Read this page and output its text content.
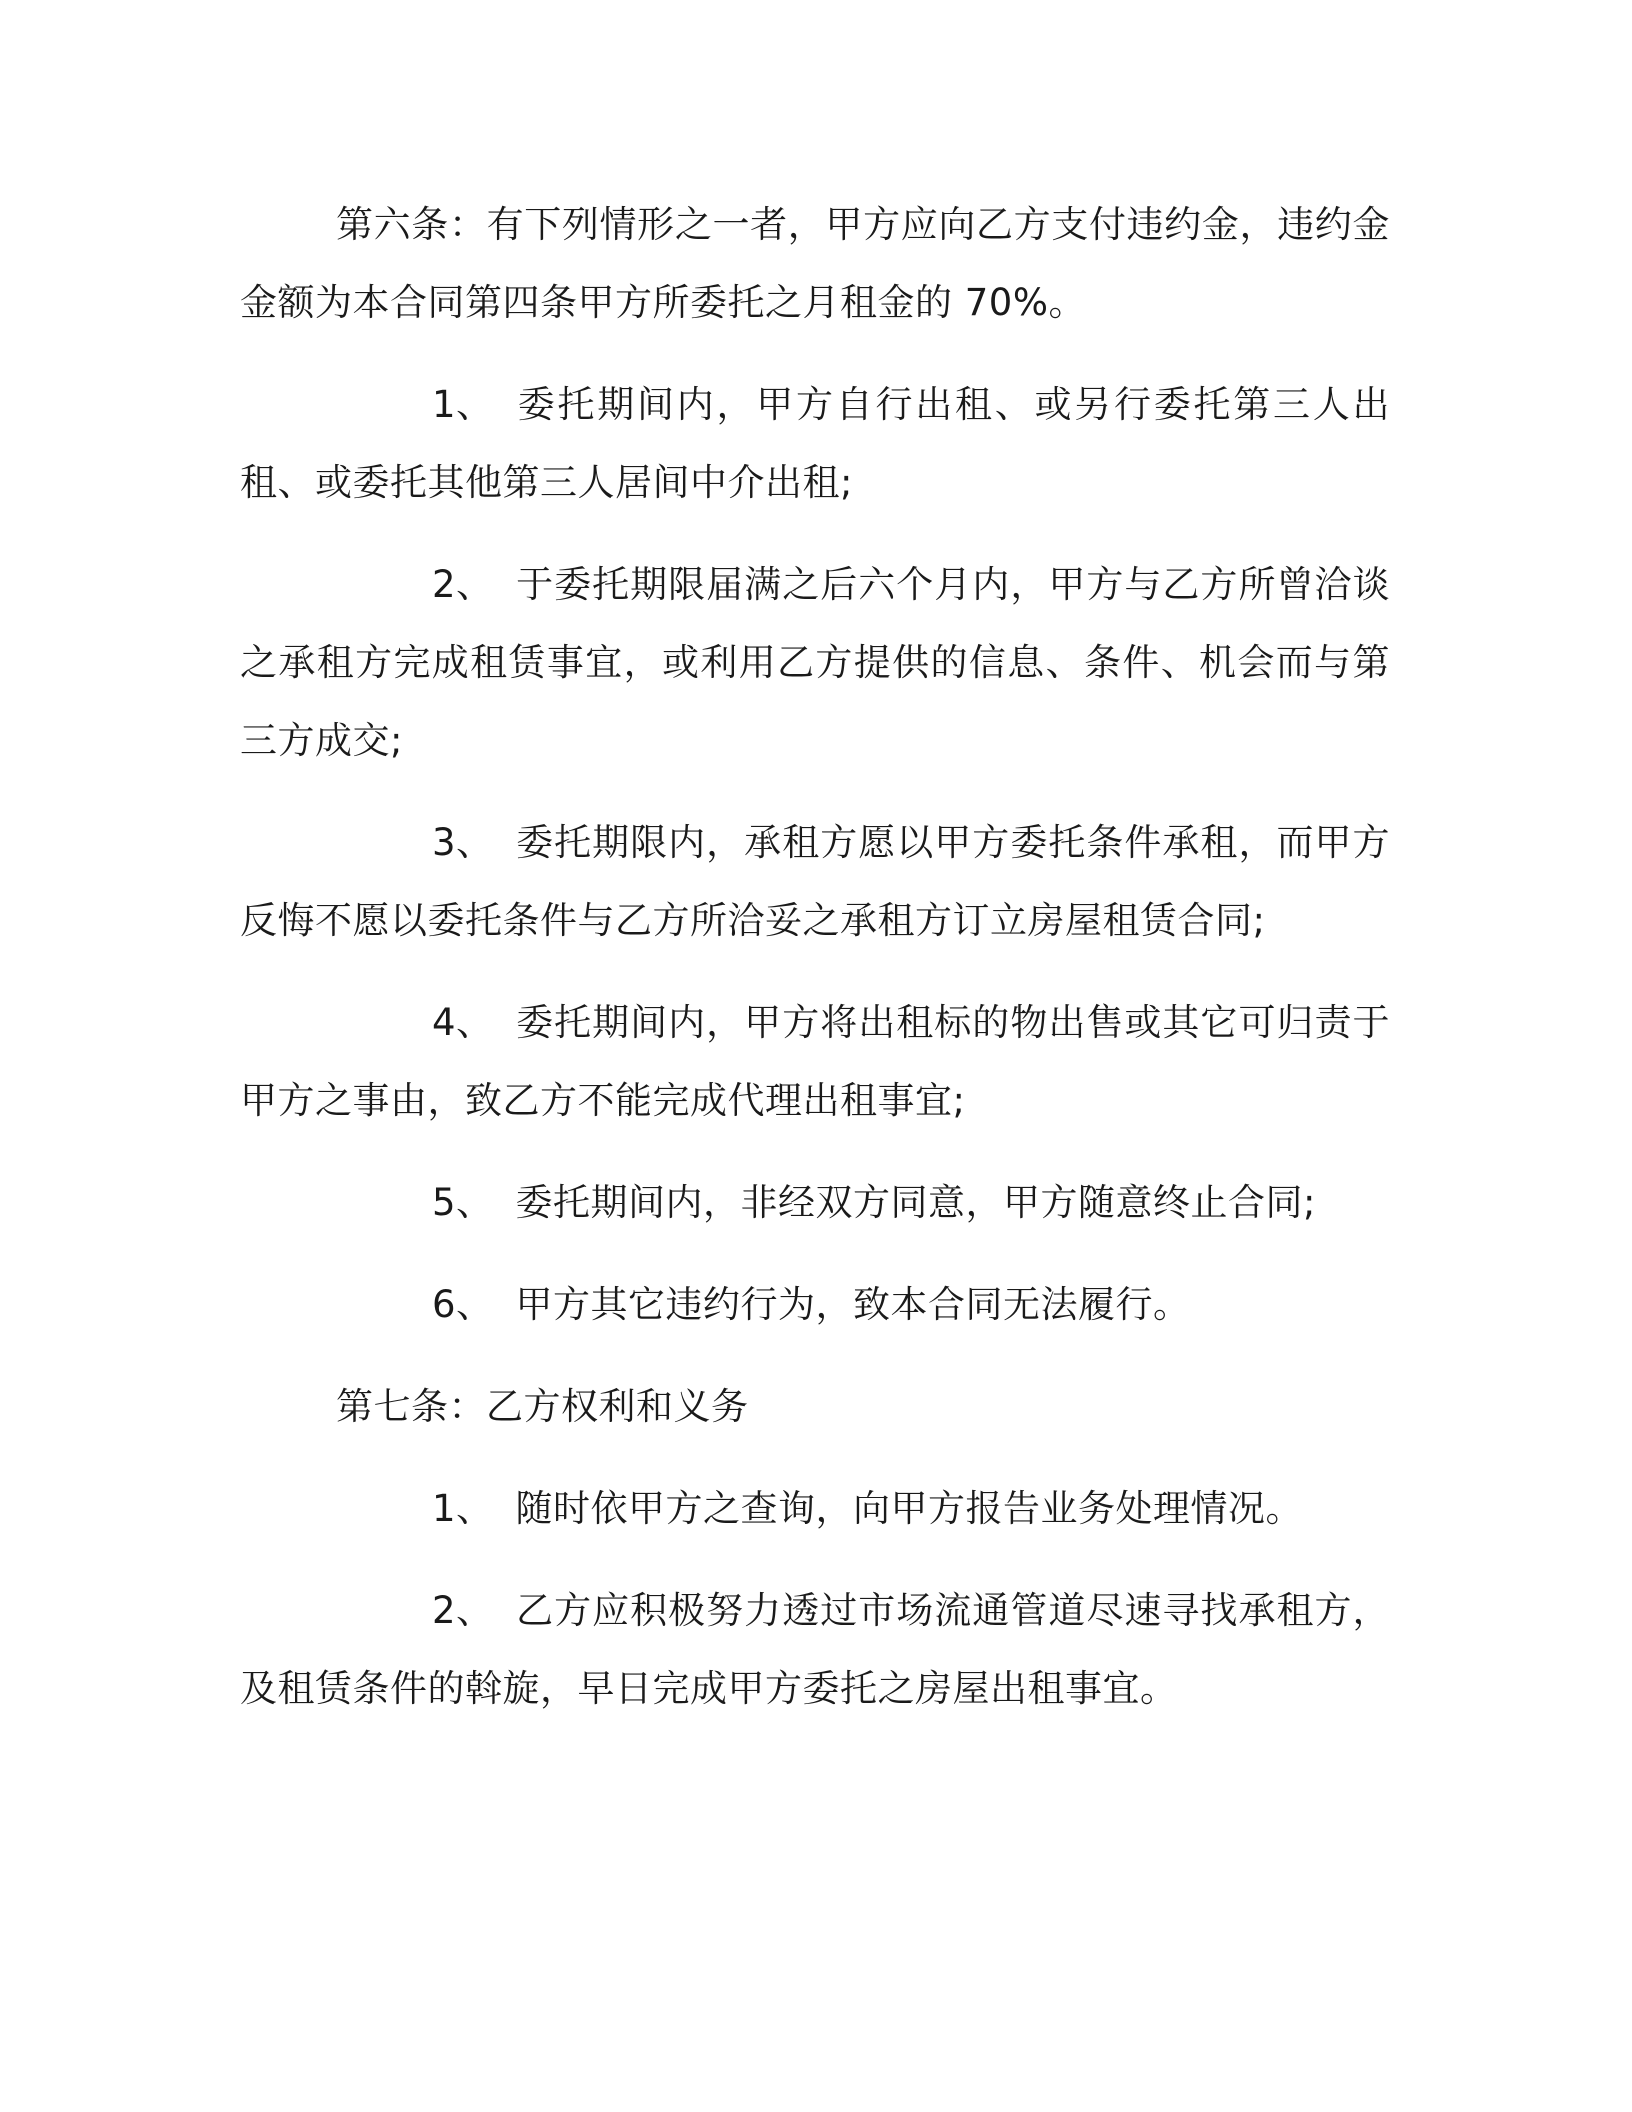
第六条：有下列情形之一者，甲方应向乙方支付违约金，违约金金额为本合同第四条甲方所委托之月租金的 70%。

1、 委托期间内，甲方自行出租、或另行委托第三人出租、或委托其他第三人居间中介出租;

2、 于委托期限届满之后六个月内，甲方与乙方所曾洽谈之承租方完成租赁事宜，或利用乙方提供的信息、条件、机会而与第三方成交;

3、 委托期限内，承租方愿以甲方委托条件承租，而甲方反悔不愿以委托条件与乙方所洽妥之承租方订立房屋租赁合同;

4、 委托期间内，甲方将出租标的物出售或其它可归责于甲方之事由，致乙方不能完成代理出租事宜;

5、 委托期间内，非经双方同意，甲方随意终止合同;

6、 甲方其它违约行为，致本合同无法履行。

第七条：乙方权利和义务

1、 随时依甲方之查询，向甲方报告业务处理情况。

2、 乙方应积极努力透过市场流通管道尽速寻找承租方，及租赁条件的斡旋，早日完成甲方委托之房屋出租事宜。
